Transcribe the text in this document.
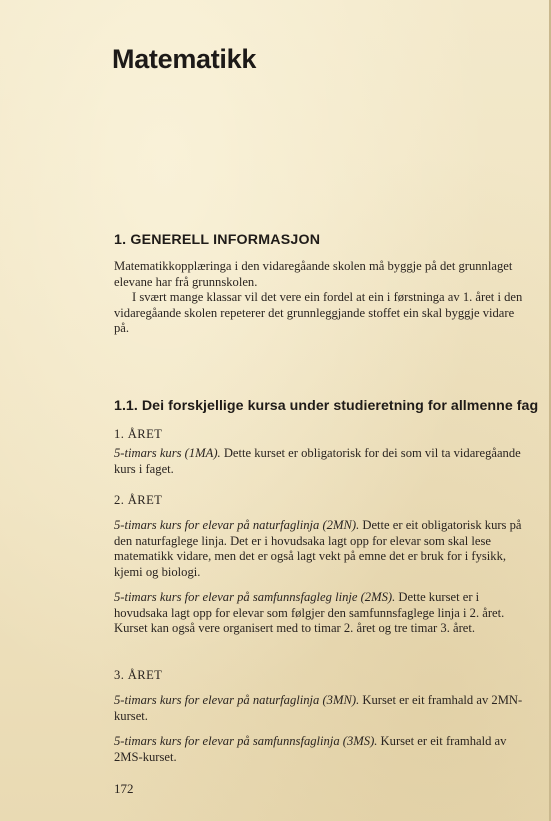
Matematikk
1. GENERELL INFORMASJON

Matematikkopplæringa i den vidaregåande skolen må byggje på det grunnlaget elevane har frå grunnskolen.
I svært mange klassar vil det vere ein fordel at ein i førstninga av 1. året i den vidaregåande skolen repeterer det grunnleggjande stoffet ein skal byggje vidare på.

1.1. Dei forskjellige kursa under studieretning for allmenne fag

1. ÅRET

5-timars kurs (1MA). Dette kurset er obligatorisk for dei som vil ta vidaregåande kurs i faget.

2. ÅRET

5-timars kurs for elevar på naturfaglinja (2MN). Dette er eit obligatorisk kurs på den naturfaglege linja. Det er i hovudsaka lagt opp for elevar som skal lese matematikk vidare, men det er også lagt vekt på emne det er bruk for i fysikk, kjemi og biologi.

5-timars kurs for elevar på samfunnsfagleg linje (2MS). Dette kurset er i hovudsaka lagt opp for elevar som følgjer den samfunnsfaglege linja i 2. året. Kurset kan også vere organisert med to timar 2. året og tre timar 3. året.

3. ÅRET

5-timars kurs for elevar på naturfaglinja (3MN). Kurset er eit framhald av 2MN-kurset.

5-timars kurs for elevar på samfunnsfaglinja (3MS). Kurset er eit framhald av 2MS-kurset.

172
